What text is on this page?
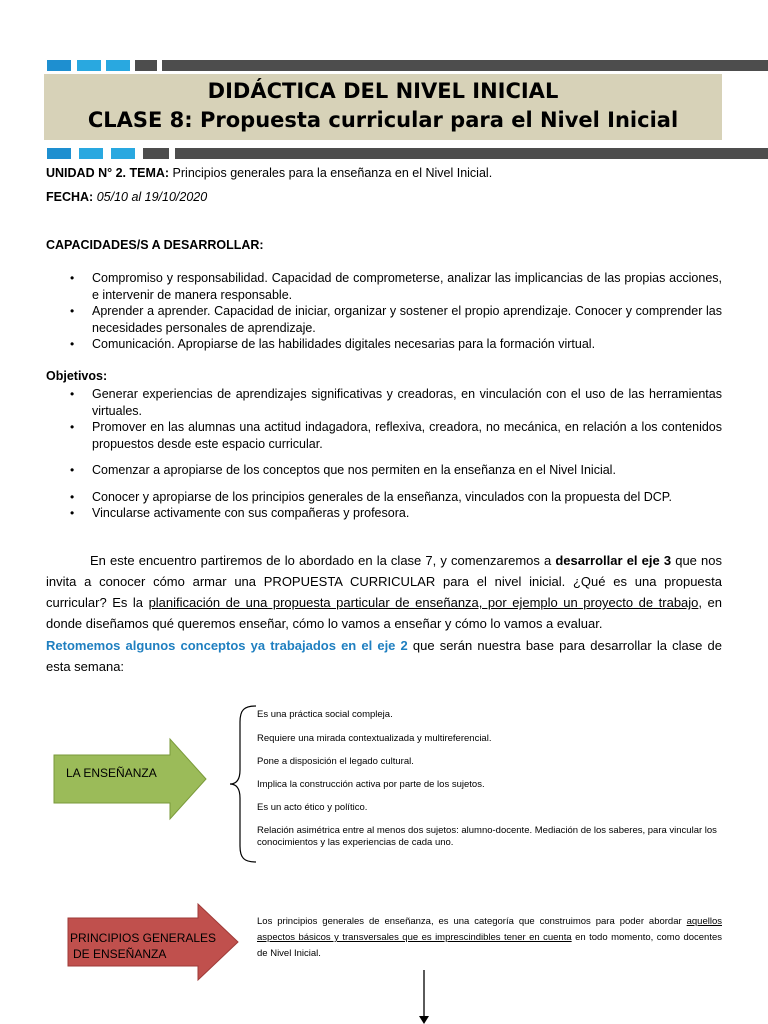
DIDÁCTICA DEL NIVEL INICIAL
CLASE 8: Propuesta curricular para el Nivel Inicial
UNIDAD N° 2. TEMA: Principios generales para la enseñanza en el Nivel Inicial.
FECHA: 05/10 al 19/10/2020
CAPACIDADES/S A DESARROLLAR:
• Compromiso y responsabilidad. Capacidad de comprometerse, analizar las implicancias de las propias acciones, e intervenir de manera responsable.
• Aprender a aprender. Capacidad de iniciar, organizar y sostener el propio aprendizaje. Conocer y comprender las necesidades personales de aprendizaje.
• Comunicación. Apropiarse de las habilidades digitales necesarias para la formación virtual.
Objetivos:
• Generar experiencias de aprendizajes significativas y creadoras, en vinculación con el uso de las herramientas virtuales.
• Promover en las alumnas una actitud indagadora, reflexiva, creadora, no mecánica, en relación a los contenidos propuestos desde este espacio curricular.
• Comenzar a apropiarse de los conceptos que nos permiten en la enseñanza en el Nivel Inicial.
• Conocer y apropiarse de los principios generales de la enseñanza, vinculados con la propuesta del DCP.
• Vincularse activamente con sus compañeras y profesora.
En este encuentro partiremos de lo abordado en la clase 7, y comenzaremos a desarrollar el eje 3 que nos invita a conocer cómo armar una PROPUESTA CURRICULAR para el nivel inicial. ¿Qué es una propuesta curricular? Es la planificación de una propuesta particular de enseñanza, por ejemplo un proyecto de trabajo, en donde diseñamos qué queremos enseñar, cómo lo vamos a enseñar y cómo lo vamos a evaluar.
Retomemos algunos conceptos ya trabajados en el eje 2 que serán nuestra base para desarrollar la clase de esta semana:
LA ENSEÑANZA
Es una práctica social compleja.
Requiere una mirada contextualizada y multireferencial.
Pone a disposición el legado cultural.
Implica la construcción activa por parte de los sujetos.
Es un acto ético y político.
Relación asimétrica entre al menos dos sujetos: alumno-docente. Mediación de los saberes, para vincular los conocimientos y las experiencias de cada uno.
PRINCIPIOS GENERALES
DE ENSEÑANZA
Los principios generales de enseñanza, es una categoría que construimos para poder abordar aquellos aspectos básicos y transversales que es imprescindibles tener en cuenta en todo momento, como docentes de Nivel Inicial.
